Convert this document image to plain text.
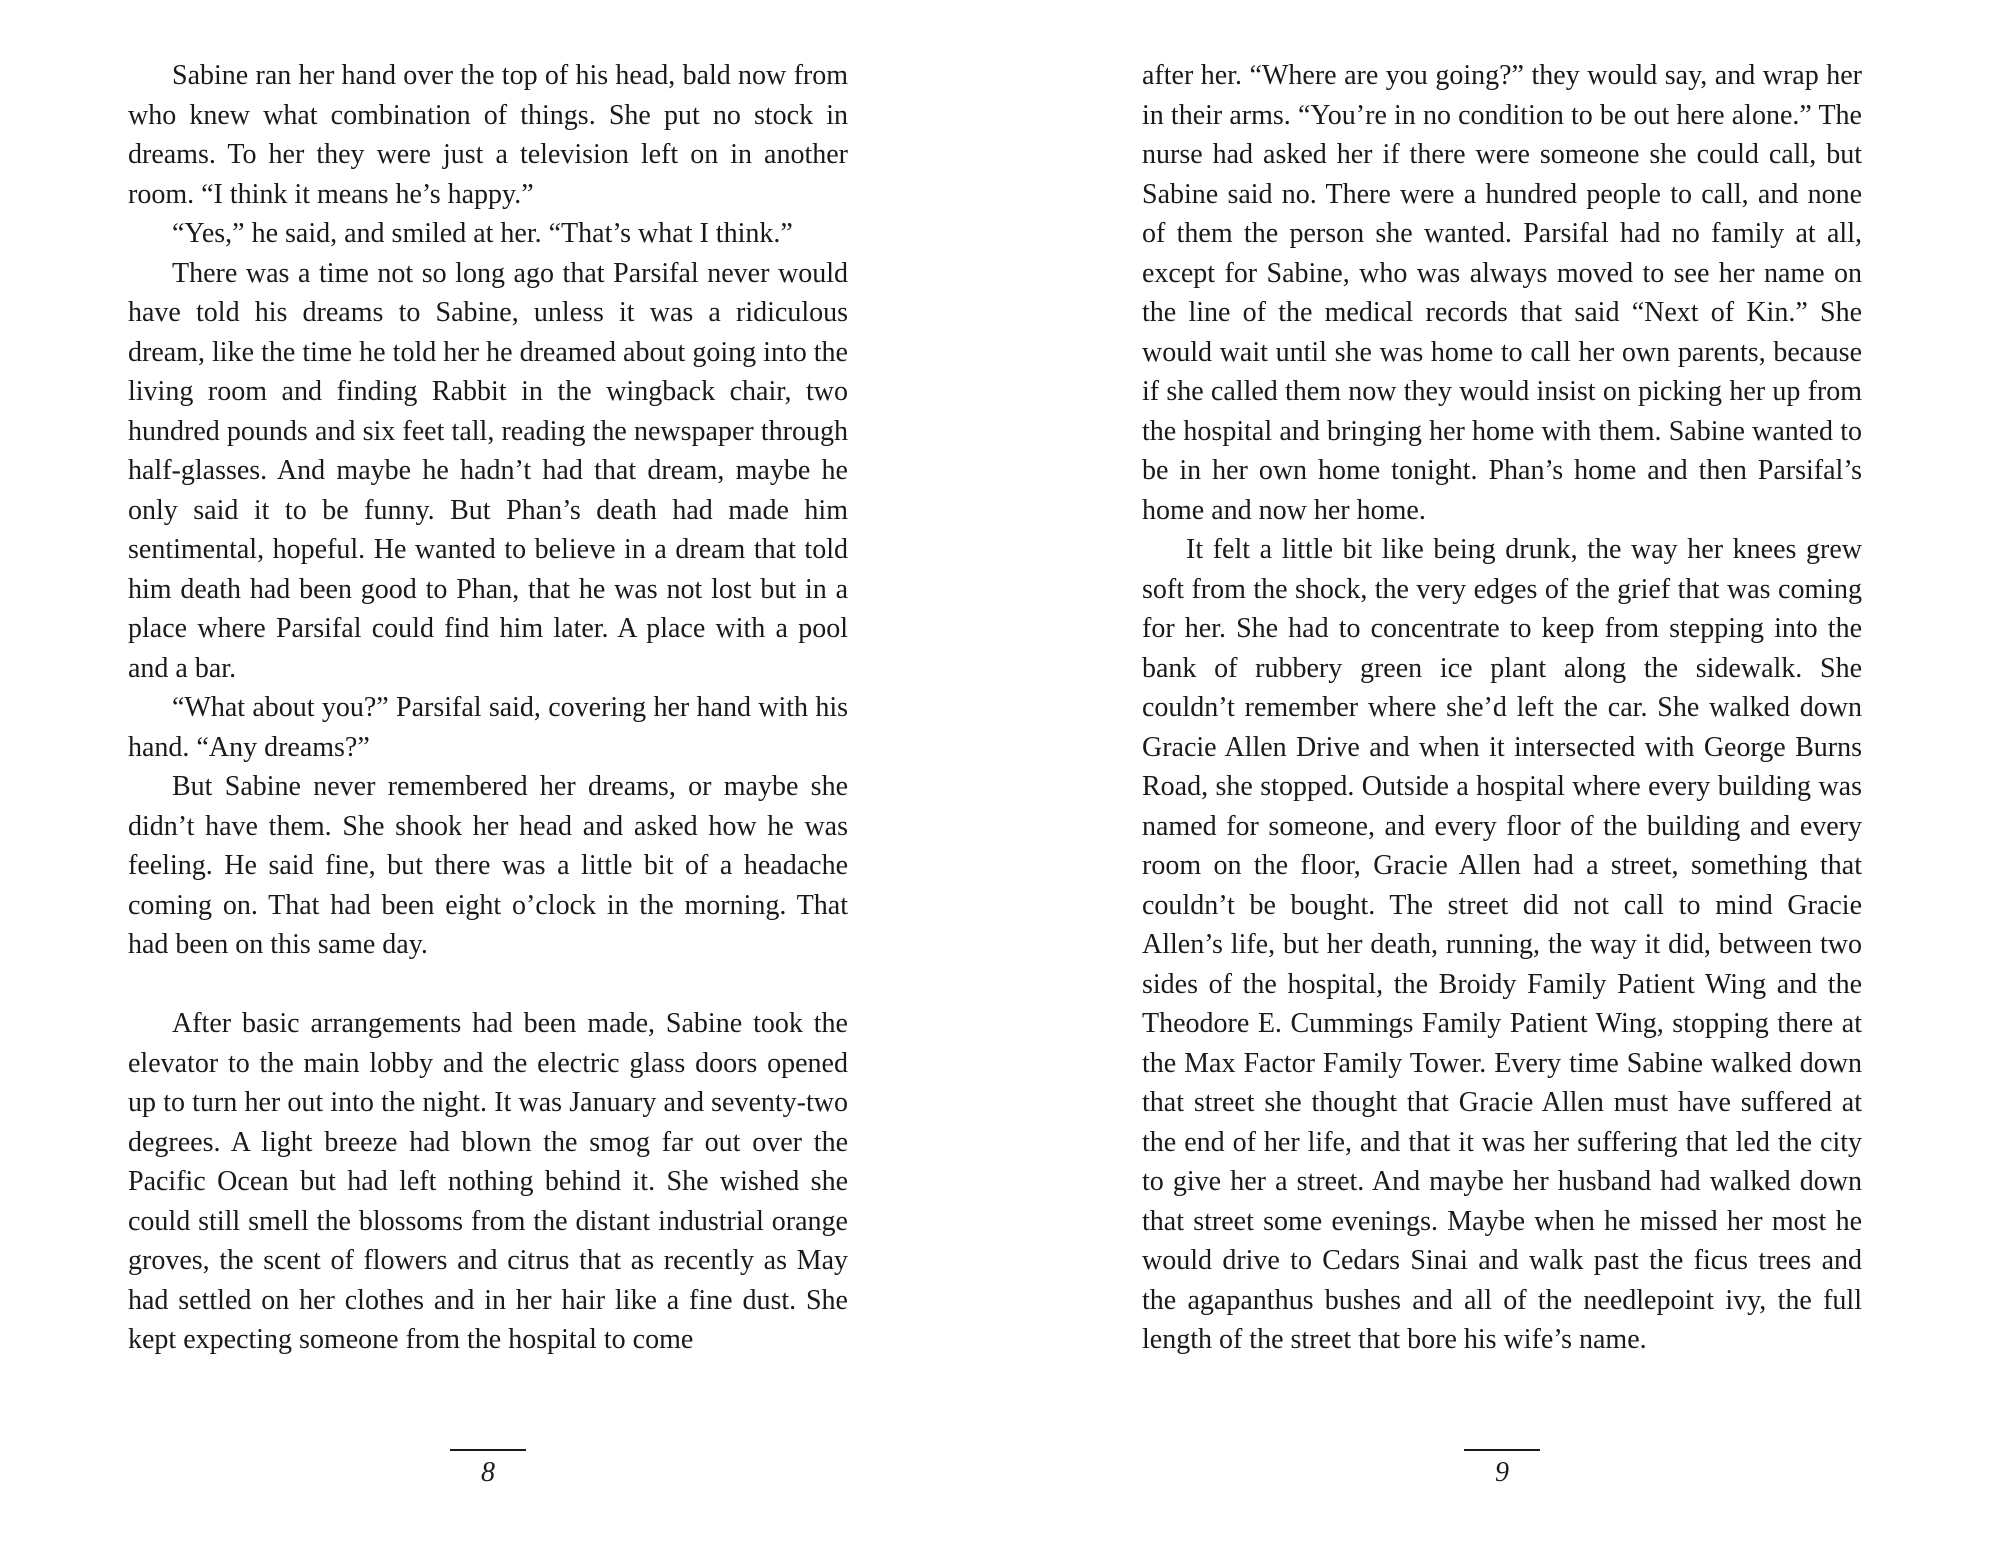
Sabine ran her hand over the top of his head, bald now from who knew what combination of things. She put no stock in dreams. To her they were just a television left on in another room. “I think it means he’s happy.”

“Yes,” he said, and smiled at her. “That’s what I think.”

There was a time not so long ago that Parsifal never would have told his dreams to Sabine, unless it was a ridiculous dream, like the time he told her he dreamed about going into the living room and finding Rabbit in the wingback chair, two hundred pounds and six feet tall, reading the newspaper through half-glasses. And maybe he hadn’t had that dream, maybe he only said it to be funny. But Phan’s death had made him sentimental, hopeful. He wanted to believe in a dream that told him death had been good to Phan, that he was not lost but in a place where Parsifal could find him later. A place with a pool and a bar.

“What about you?” Parsifal said, covering her hand with his hand. “Any dreams?”

But Sabine never remembered her dreams, or maybe she didn’t have them. She shook her head and asked how he was feeling. He said fine, but there was a little bit of a headache coming on. That had been eight o’clock in the morning. That had been on this same day.

After basic arrangements had been made, Sabine took the elevator to the main lobby and the electric glass doors opened up to turn her out into the night. It was January and seventy-two degrees. A light breeze had blown the smog far out over the Pacific Ocean but had left nothing behind it. She wished she could still smell the blossoms from the distant industrial orange groves, the scent of flowers and citrus that as recently as May had settled on her clothes and in her hair like a fine dust. She kept expecting someone from the hospital to come

8

after her. “Where are you going?” they would say, and wrap her in their arms. “You’re in no condition to be out here alone.” The nurse had asked her if there were someone she could call, but Sabine said no. There were a hundred people to call, and none of them the person she wanted. Parsifal had no family at all, except for Sabine, who was always moved to see her name on the line of the medical records that said “Next of Kin.” She would wait until she was home to call her own parents, because if she called them now they would insist on picking her up from the hospital and bringing her home with them. Sabine wanted to be in her own home tonight. Phan’s home and then Parsifal’s home and now her home.

It felt a little bit like being drunk, the way her knees grew soft from the shock, the very edges of the grief that was coming for her. She had to concentrate to keep from stepping into the bank of rubbery green ice plant along the sidewalk. She couldn’t remember where she’d left the car. She walked down Gracie Allen Drive and when it intersected with George Burns Road, she stopped. Outside a hospital where every building was named for someone, and every floor of the building and every room on the floor, Gracie Allen had a street, something that couldn’t be bought. The street did not call to mind Gracie Allen’s life, but her death, running, the way it did, between two sides of the hospital, the Broidy Family Patient Wing and the Theodore E. Cummings Family Patient Wing, stopping there at the Max Factor Family Tower. Every time Sabine walked down that street she thought that Gracie Allen must have suffered at the end of her life, and that it was her suffering that led the city to give her a street. And maybe her husband had walked down that street some evenings. Maybe when he missed her most he would drive to Cedars Sinai and walk past the ficus trees and the agapanthus bushes and all of the needlepoint ivy, the full length of the street that bore his wife’s name.

9
